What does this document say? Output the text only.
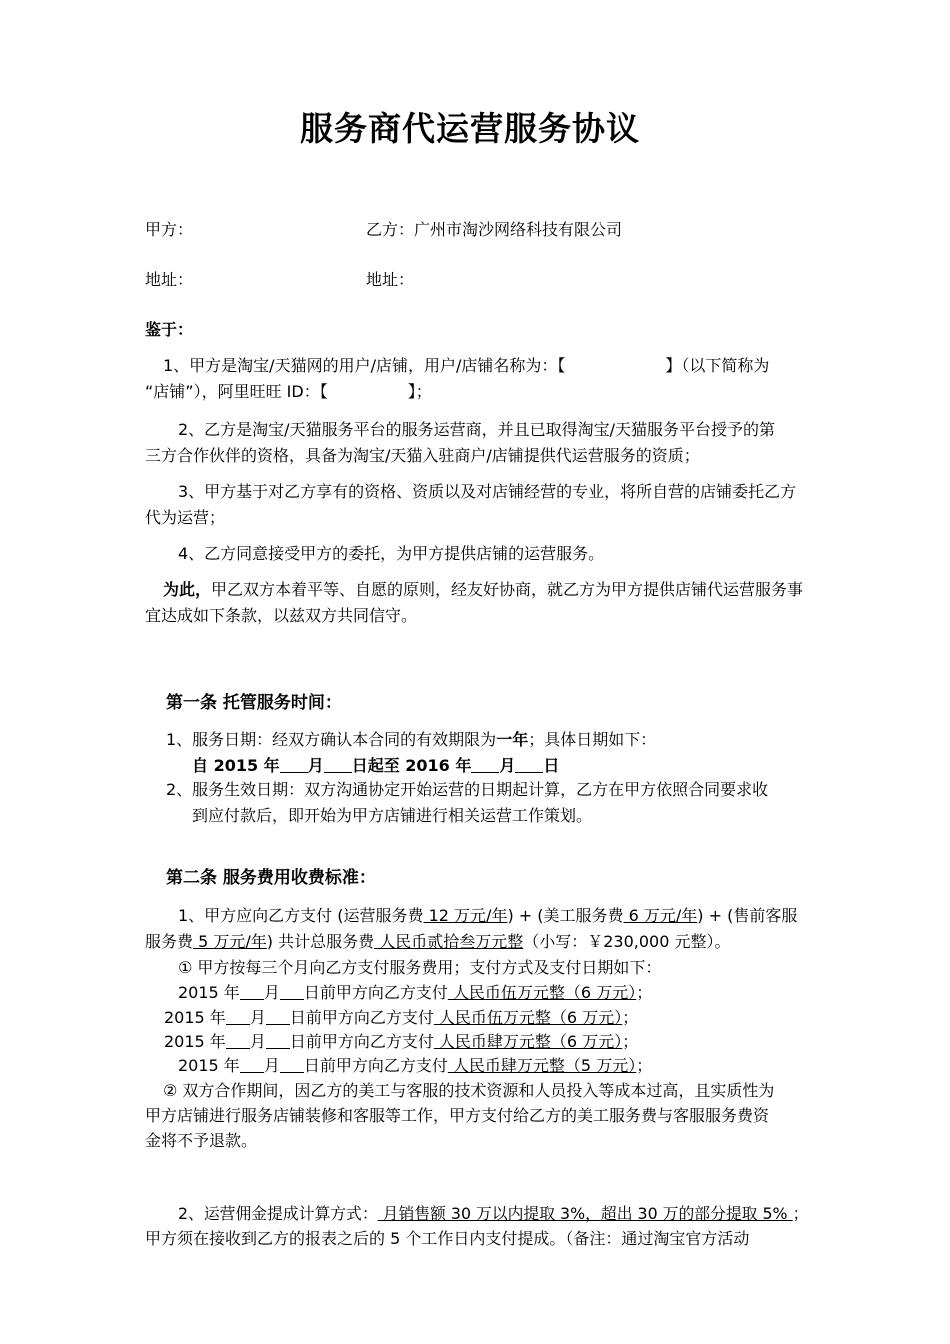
服务商代运营服务协议
甲方：	乙方：广州市淘沙网络科技有限公司
地址：	地址：
鉴于：
1、甲方是淘宝/天猫网的用户/店铺，用户/店铺名称为：【	】（以下简称为
“店铺”），阿里旺旺 ID：【	】；
2、乙方是淘宝/天猫服务平台的服务运营商，并且已取得淘宝/天猫服务平台授予的第
三方合作伙伴的资格，具备为淘宝/天猫入驻商户/店铺提供代运营服务的资质；
3、甲方基于对乙方享有的资格、资质以及对店铺经营的专业，将所自营的店铺委托乙方
代为运营；
4、乙方同意接受甲方的委托，为甲方提供店铺的运营服务。
为此，甲乙双方本着平等、自愿的原则，经友好协商，就乙方为甲方提供店铺代运营服务事
宜达成如下条款，以兹双方共同信守。
第一条 托管服务时间：
1、服务日期：经双方确认本合同的有效期限为一年；具体日期如下：
自 2015 年 月 日起至 2016 年 月 日
2、服务生效日期：双方沟通协定开始运营的日期起计算，乙方在甲方依照合同要求收
到应付款后，即开始为甲方店铺进行相关运营工作策划。
第二条 服务费用收费标准：
1、甲方应向乙方支付 (运营服务费 12 万元/年) + (美工服务费 6 万元/年) + (售前客服
服务费 5 万元/年) 共计总服务费 人民币贰拾叁万元整（小写：￥230,000 元整）。
① 甲方按每三个月向乙方支付服务费用；支付方式及支付日期如下：
2015 年 月 日前甲方向乙方支付 人民币伍万元整（6 万元）；
2015 年 月 日前甲方向乙方支付 人民币伍万元整（6 万元）；
2015 年 月 日前甲方向乙方支付 人民币肆万元整（6 万元）；
2015 年 月 日前甲方向乙方支付 人民币肆万元整（5 万元）；
② 双方合作期间，因乙方的美工与客服的技术资源和人员投入等成本过高，且实质性为
甲方店铺进行服务店铺装修和客服等工作，甲方支付给乙方的美工服务费与客服服务费资
金将不予退款。
2、运营佣金提成计算方式： 月销售额 30 万以内提取 3%，超出 30 万的部分提取 5% ；
甲方须在接收到乙方的报表之后的 5 个工作日内支付提成。（备注：通过淘宝官方活动
